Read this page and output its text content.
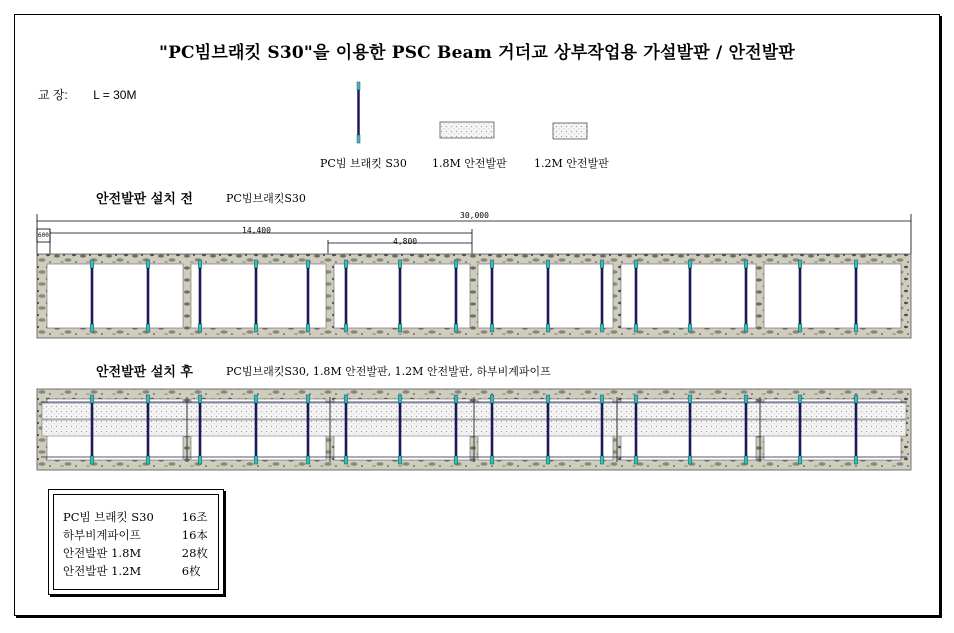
"PC빔브래킷 S30"을 이용한 PSC Beam 거더교 상부작업용 가설발판 / 안전발판
교 장: L = 30M
PC빔 브래킷 S30 1.8M 안전발판 1.2M 안전발판
안전발판 설치 전	PC빔브래킷S30
30,000
14,400
4,800
600
안전발판 설치 후	PC빔브래킷S30, 1.8M 안전발판, 1.2M 안전발판, 하부비계파이프
PC빔 브래킷 S30	16조
하부비계파이프	16本
안전발판 1.8M	28枚
안전발판 1.2M	6枚
